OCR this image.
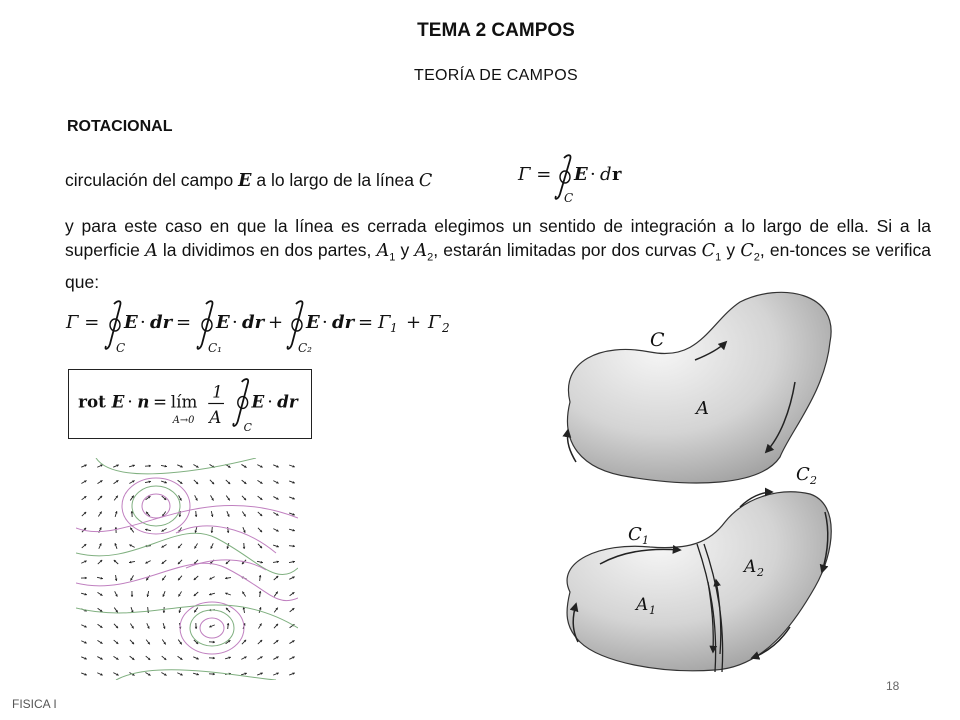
TEMA 2 CAMPOS
TEORÍA DE CAMPOS
ROTACIONAL
circulación del campo E a lo largo de la línea C
y para este caso en que la línea es cerrada elegimos un sentido de integración a lo largo de ella. Si a la superficie A la dividimos en dos partes, $A_1$ y $A_2$, estarán limitadas por dos curvas $C_1$ y $C_2$, en-tonces se verifica que:
Γ = E · d r
C
Γ = E · dr =
C
E · dr +
C₁
E · dr =
C₂
Γ 1 + Γ 2
rot E · n = lím
A→0
1
A
E · dr
C
C
A
C 2
C 1
A 2
A 1
18
FISICA I
